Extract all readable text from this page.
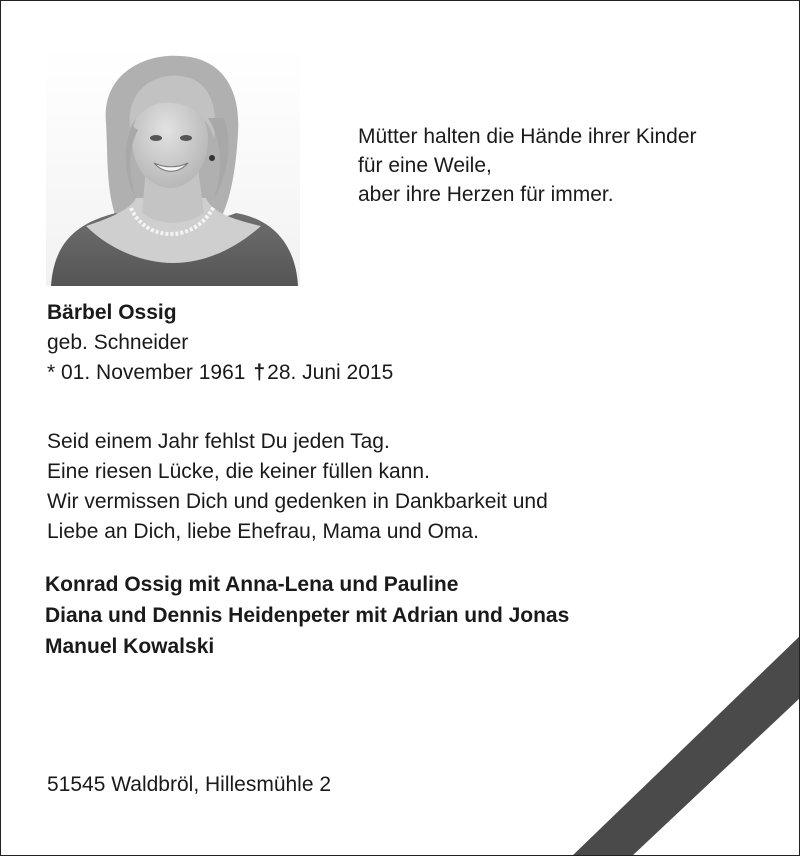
Mütter halten die Hände ihrer Kinder
für eine Weile,
aber ihre Herzen für immer.
Bärbel Ossig
geb. Schneider
* 01. November 1961 †28. Juni 2015
Seid einem Jahr fehlst Du jeden Tag.
Eine riesen Lücke, die keiner füllen kann.
Wir vermissen Dich und gedenken in Dankbarkeit und
Liebe an Dich, liebe Ehefrau, Mama und Oma.
Konrad Ossig mit Anna-Lena und Pauline
Diana und Dennis Heidenpeter mit Adrian und Jonas
Manuel Kowalski
51545 Waldbröl, Hillesmühle 2
